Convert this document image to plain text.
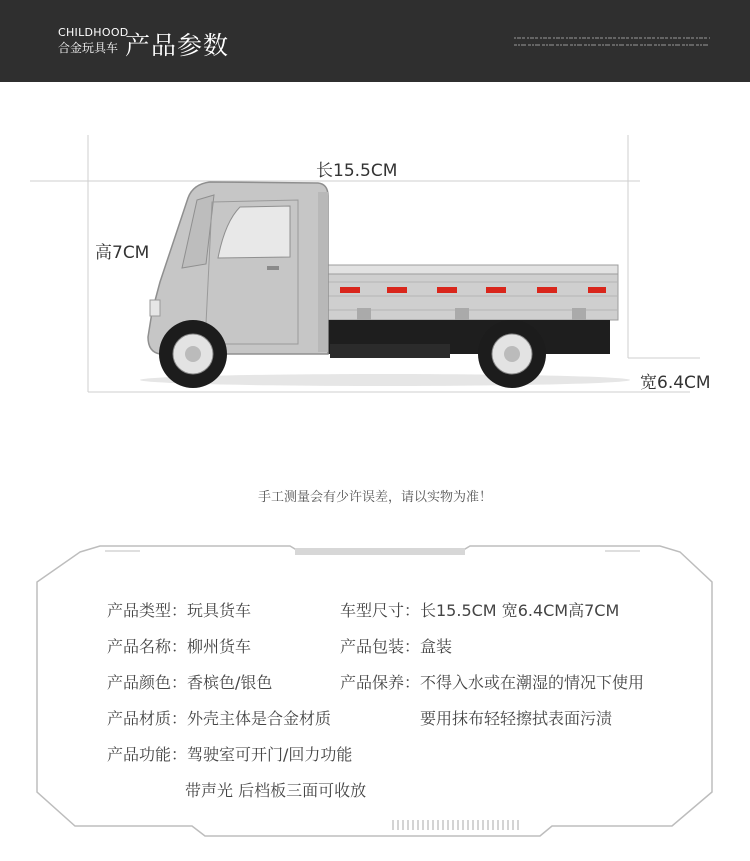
CHILDHOOD
合金玩具车 产品参数
长15.5CM
高7CM
宽6.4CM
手工测量会有少许误差，请以实物为准！
产品类型：玩具货车	车型尺寸：长15.5CM 宽6.4CM高7CM
产品名称：柳州货车	产品包装：盒装
产品颜色：香槟色/银色	产品保养：不得入水或在潮湿的情况下使用
产品材质：外壳主体是合金材质	要用抹布轻轻擦拭表面污渍
产品功能：驾驶室可开门/回力功能
带声光 后档板三面可收放
